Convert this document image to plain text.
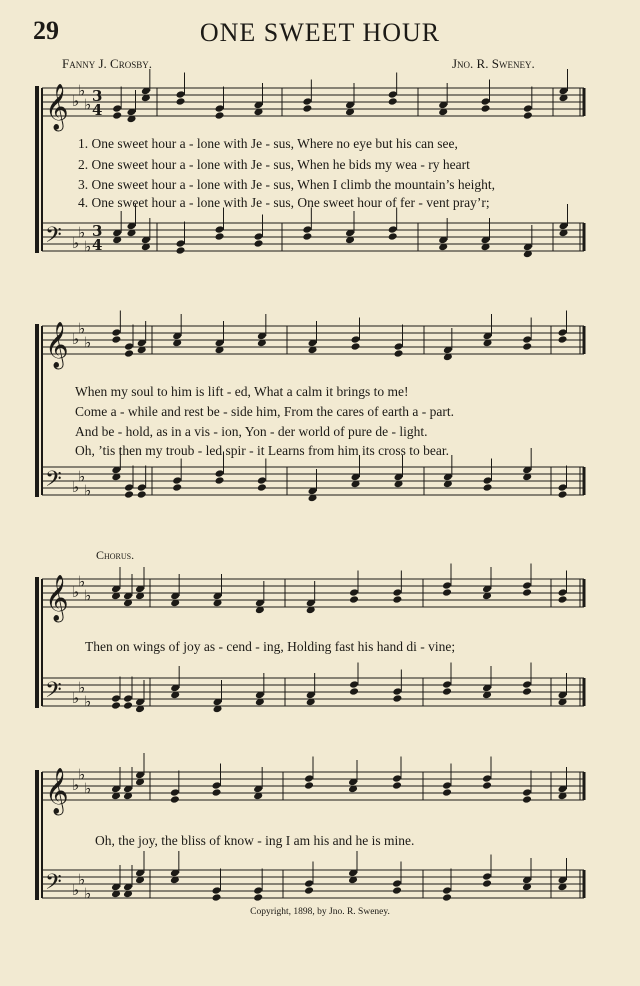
29	ONE SWEET HOUR
Fanny J. Crosby.	Jno. R. Sweney.
𝄞
𝄢
♭
♭
♭
♭
♭
♭
3
4
3
4
𝄞
𝄢
♭
♭
♭
♭
♭
♭
𝄞
𝄢
♭
♭
♭
♭
♭
♭
𝄞
𝄢
♭
♭
♭
♭
♭
♭
1. One sweet hour a - lone with Je - sus, Where no eye but his can see,
2. One sweet hour a - lone with Je - sus, When he bids my wea - ry heart
3. One sweet hour a - lone with Je - sus, When I climb the mountain’s height,
4. One sweet hour a - lone with Je - sus, One sweet hour of fer - vent pray’r;
When my soul to him is lift - ed, What a calm it brings to me!
Come a - while and rest be - side him, From the cares of earth a - part.
And be - hold, as in a vis - ion, Yon - der world of pure de - light.
Oh, ’tis then my troub - led spir - it Learns from him its cross to bear.
Chorus.
Then on wings of joy as - cend - ing, Holding fast his hand di - vine;
Oh, the joy, the bliss of know - ing I am his and he is mine.
Copyright, 1898, by Jno. R. Sweney.
